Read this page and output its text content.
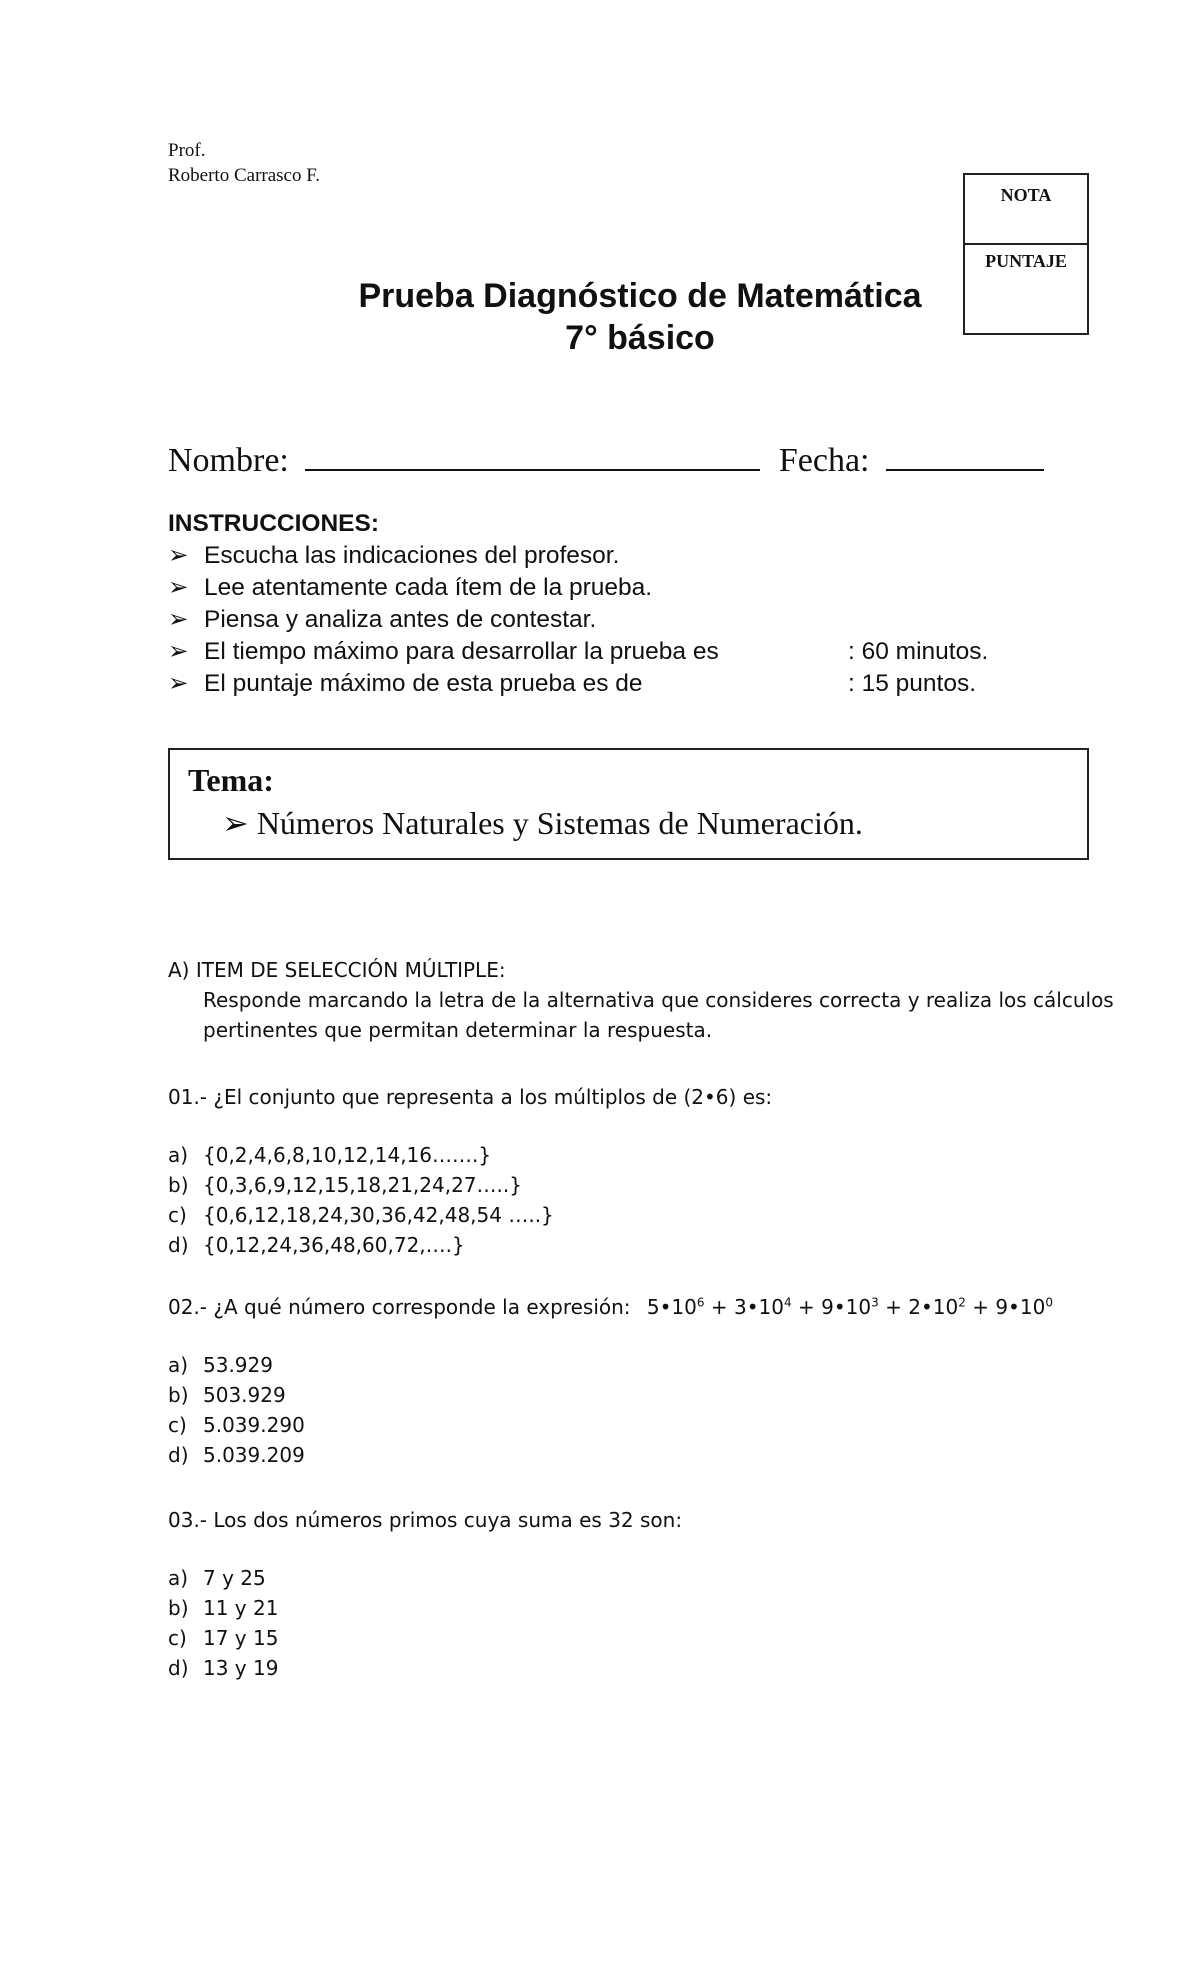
Prof.
Roberto Carrasco F.
NOTA
PUNTAJE
Prueba Diagnóstico de Matemática
7° básico
Nombre:	Fecha:
INSTRUCCIONES:
➢ Escucha las indicaciones del profesor.
➢ Lee atentamente cada ítem de la prueba.
➢ Piensa y analiza antes de contestar.
➢ El tiempo máximo para desarrollar la prueba es	: 60 minutos.
➢ El puntaje máximo de esta prueba es de	: 15 puntos.
Tema:
➢ Números Naturales y Sistemas de Numeración.
A) ITEM DE SELECCIÓN MÚLTIPLE:
Responde marcando la letra de la alternativa que consideres correcta y realiza los cálculos pertinentes que permitan determinar la respuesta.
01.- ¿El conjunto que representa a los múltiplos de (2•6) es:
a) {0,2,4,6,8,10,12,14,16…….}
b) {0,3,6,9,12,15,18,21,24,27…..}
c) {0,6,12,18,24,30,36,42,48,54 …..}
d) {0,12,24,36,48,60,72,….}
02.- ¿A qué número corresponde la expresión: $5•10^6$ + $3•10^4$ + $9•10^3$ + $2•10^2$ + $9•10^0$
a) 53.929
b) 503.929
c) 5.039.290
d) 5.039.209
03.- Los dos números primos cuya suma es 32 son:
a) 7 y 25
b) 11 y 21
c) 17 y 15
d) 13 y 19
